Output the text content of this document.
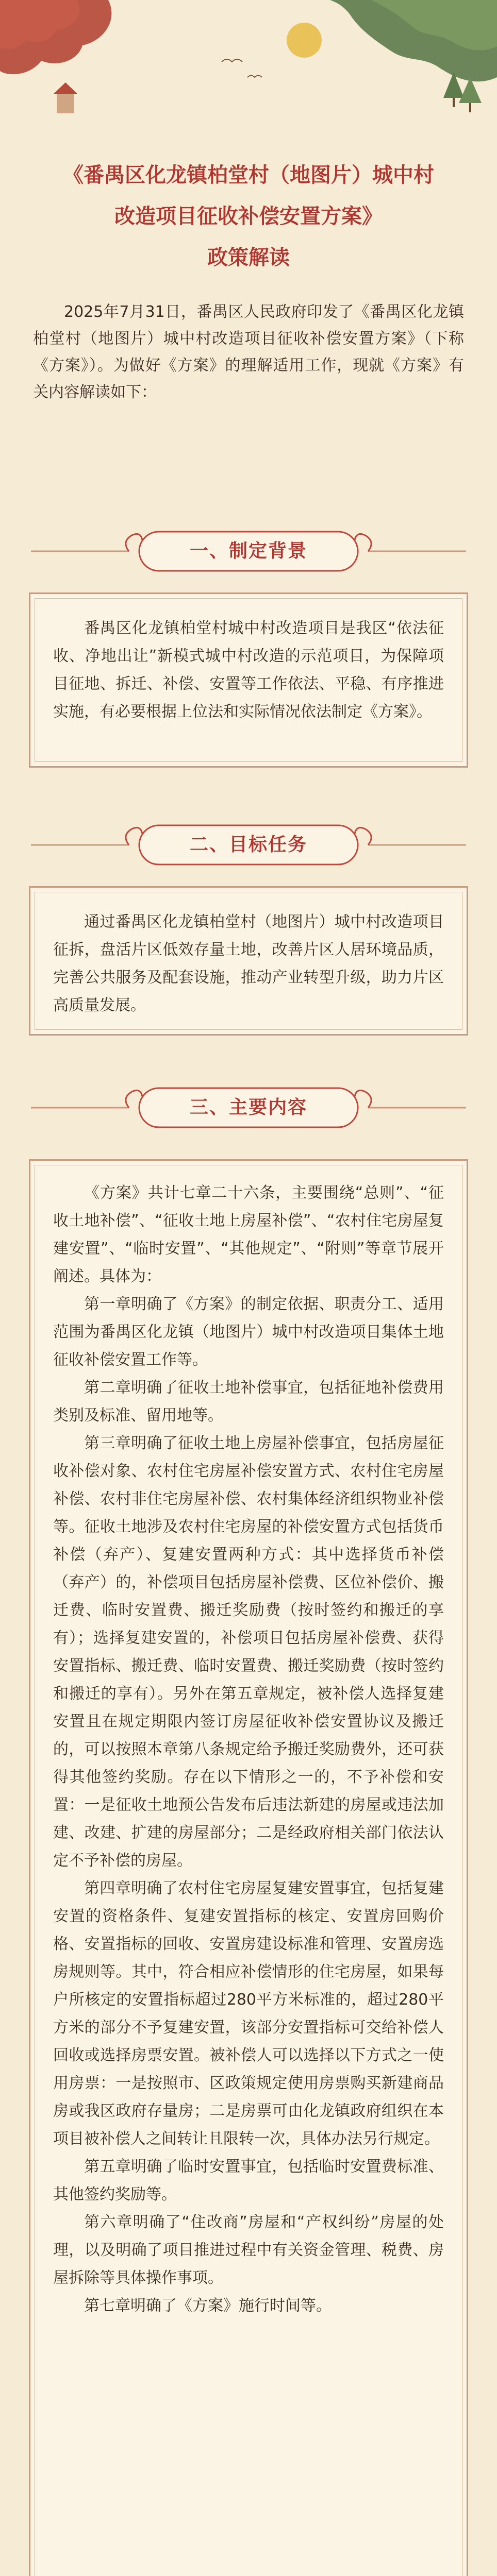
《番禺区化龙镇柏堂村（地图片）城中村

改造项目征收补偿安置方案》

政策解读

2025年7月31日，番禺区人民政府印发了《番禺区化龙镇柏堂村（地图片）城中村改造项目征收补偿安置方案》（下称《方案》）。为做好《方案》的理解适用工作，现就《方案》有关内容解读如下：

一、制定背景

番禺区化龙镇柏堂村城中村改造项目是我区“依法征收、净地出让”新模式城中村改造的示范项目，为保障项目征地、拆迁、补偿、安置等工作依法、平稳、有序推进实施，有必要根据上位法和实际情况依法制定《方案》。

二、目标任务

通过番禺区化龙镇柏堂村（地图片）城中村改造项目征拆，盘活片区低效存量土地，改善片区人居环境品质，完善公共服务及配套设施，推动产业转型升级，助力片区高质量发展。

三、主要内容

《方案》共计七章二十六条，主要围绕“总则”、“征收土地补偿”、“征收土地上房屋补偿”、“农村住宅房屋复建安置”、“临时安置”、“其他规定”、“附则”等章节展开阐述。具体为：

第一章明确了《方案》的制定依据、职责分工、适用范围为番禺区化龙镇（地图片）城中村改造项目集体土地征收补偿安置工作等。

第二章明确了征收土地补偿事宜，包括征地补偿费用类别及标准、留用地等。

第三章明确了征收土地上房屋补偿事宜，包括房屋征收补偿对象、农村住宅房屋补偿安置方式、农村住宅房屋补偿、农村非住宅房屋补偿、农村集体经济组织物业补偿等。征收土地涉及农村住宅房屋的补偿安置方式包括货币补偿（弃产）、复建安置两种方式：其中选择货币补偿（弃产）的，补偿项目包括房屋补偿费、区位补偿价、搬迁费、临时安置费、搬迁奖励费（按时签约和搬迁的享有）；选择复建安置的，补偿项目包括房屋补偿费、获得安置指标、搬迁费、临时安置费、搬迁奖励费（按时签约和搬迁的享有）。另外在第五章规定，被补偿人选择复建安置且在规定期限内签订房屋征收补偿安置协议及搬迁的，可以按照本章第八条规定给予搬迁奖励费外，还可获得其他签约奖励。存在以下情形之一的，不予补偿和安置：一是征收土地预公告发布后违法新建的房屋或违法加建、改建、扩建的房屋部分；二是经政府相关部门依法认定不予补偿的房屋。

第四章明确了农村住宅房屋复建安置事宜，包括复建安置的资格条件、复建安置指标的核定、安置房回购价格、安置指标的回收、安置房建设标准和管理、安置房选房规则等。其中，符合相应补偿情形的住宅房屋，如果每户所核定的安置指标超过280平方米标准的，超过280平方米的部分不予复建安置，该部分安置指标可交给补偿人回收或选择房票安置。被补偿人可以选择以下方式之一使用房票：一是按照市、区政策规定使用房票购买新建商品房或我区政府存量房；二是房票可由化龙镇政府组织在本项目被补偿人之间转让且限转一次，具体办法另行规定。

第五章明确了临时安置事宜，包括临时安置费标准、其他签约奖励等。

第六章明确了“住改商”房屋和“产权纠纷”房屋的处理，以及明确了项目推进过程中有关资金管理、税费、房屋拆除等具体操作事项。

第七章明确了《方案》施行时间等。
